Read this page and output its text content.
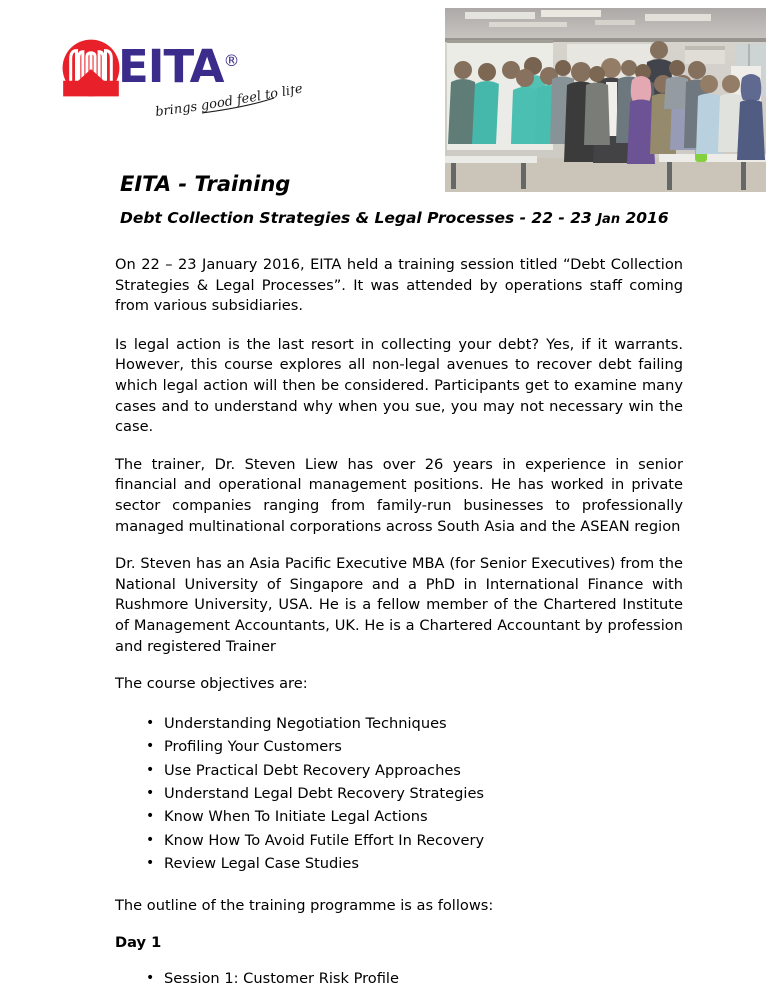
EITA®
brings good feel to life
EITA - Training
Debt Collection Strategies & Legal Processes - 22 - 23 Jan 2016

On 22 – 23 January 2016, EITA held a training session titled “Debt Collection Strategies & Legal Processes”. It was attended by operations staff coming from various subsidiaries.

Is legal action is the last resort in collecting your debt? Yes, if it warrants. However, this course explores all non-legal avenues to recover debt failing which legal action will then be considered. Participants get to examine many cases and to understand why when you sue, you may not necessary win the case.

The trainer, Dr. Steven Liew has over 26 years in experience in senior financial and operational management positions. He has worked in private sector companies ranging from family-run businesses to professionally managed multinational corporations across South Asia and the ASEAN region

Dr. Steven has an Asia Pacific Executive MBA (for Senior Executives) from the National University of Singapore and a PhD in International Finance with Rushmore University, USA. He is a fellow member of the Chartered Institute of Management Accountants, UK. He is a Chartered Accountant by profession and registered Trainer

The course objectives are:

• Understanding Negotiation Techniques
• Profiling Your Customers
• Use Practical Debt Recovery Approaches
• Understand Legal Debt Recovery Strategies
• Know When To Initiate Legal Actions
• Know How To Avoid Futile Effort In Recovery
• Review Legal Case Studies

The outline of the training programme is as follows:

Day 1

• Session 1: Customer Risk Profile
